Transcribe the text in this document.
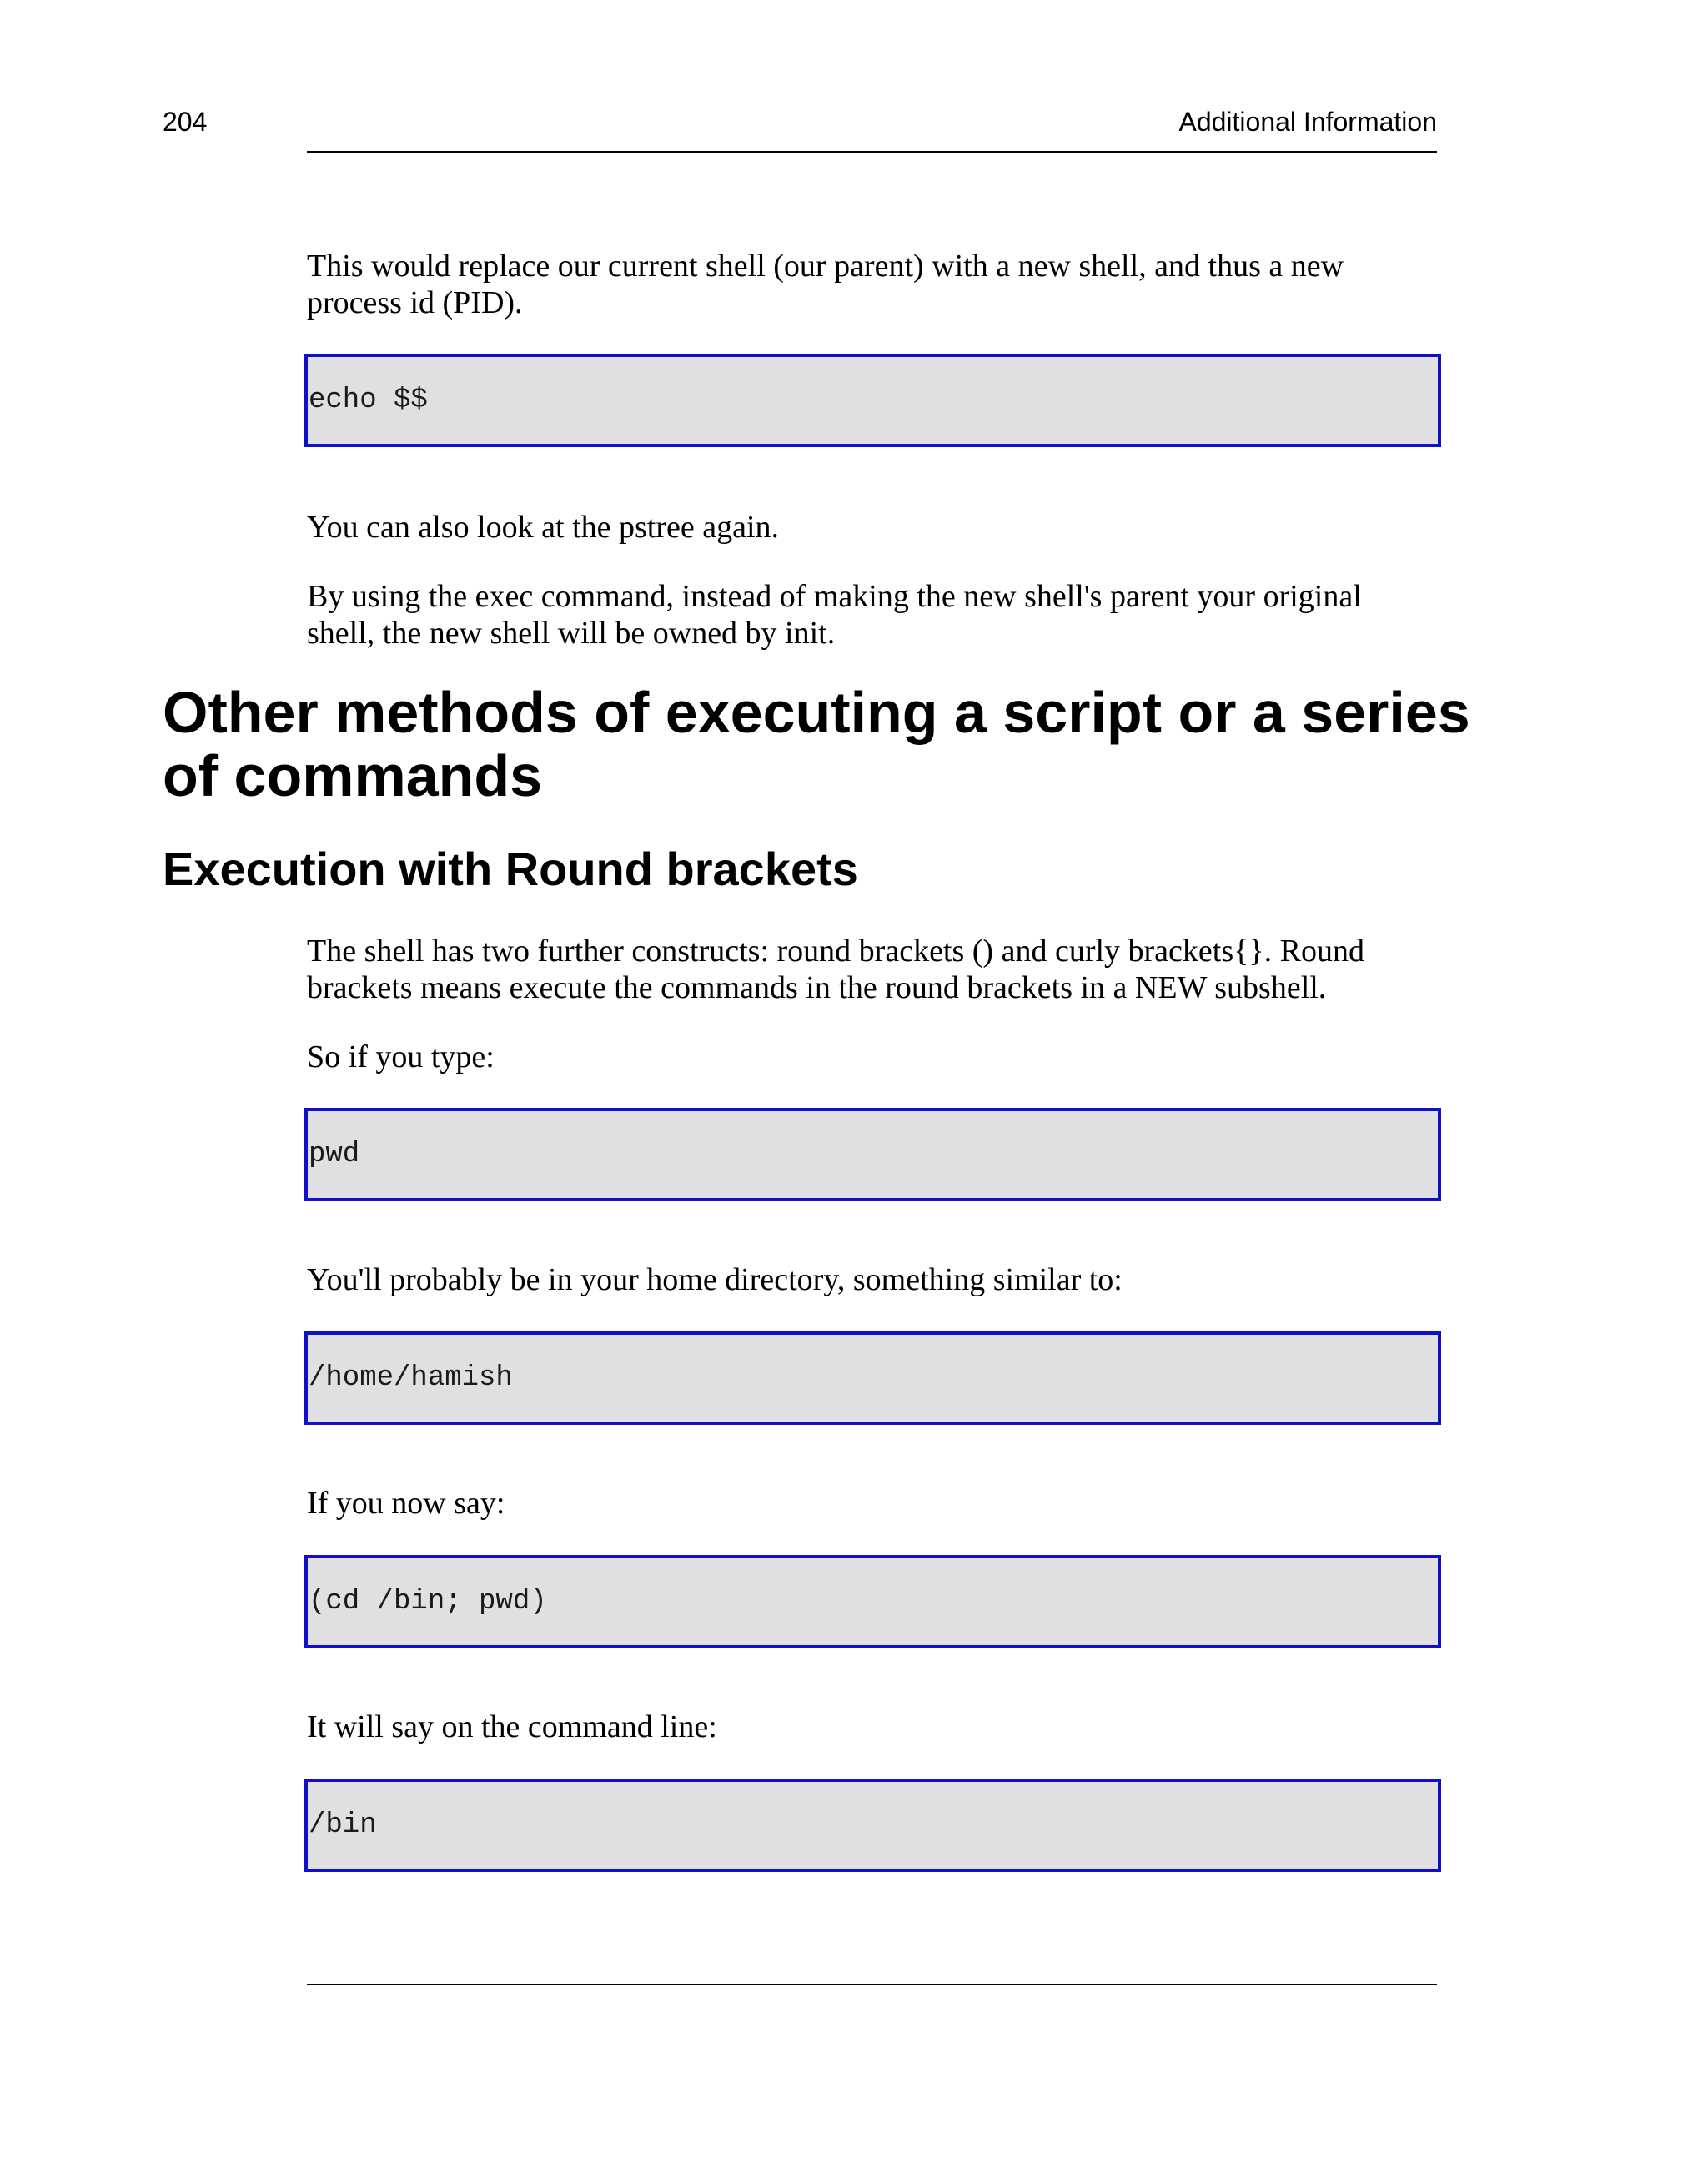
204	Additional Information

This would replace our current shell (our parent) with a new shell, and thus a new process id (PID).

echo $$

You can also look at the pstree again.

By using the exec command, instead of making the new shell's parent your original shell, the new shell will be owned by init.

Other methods of executing a script or a series of commands
Execution with Round brackets

The shell has two further constructs: round brackets () and curly brackets{}. Round brackets means execute the commands in the round brackets in a NEW subshell.

So if you type:

pwd

You'll probably be in your home directory, something similar to:

/home/hamish

If you now say:

(cd /bin; pwd)

It will say on the command line:

/bin
